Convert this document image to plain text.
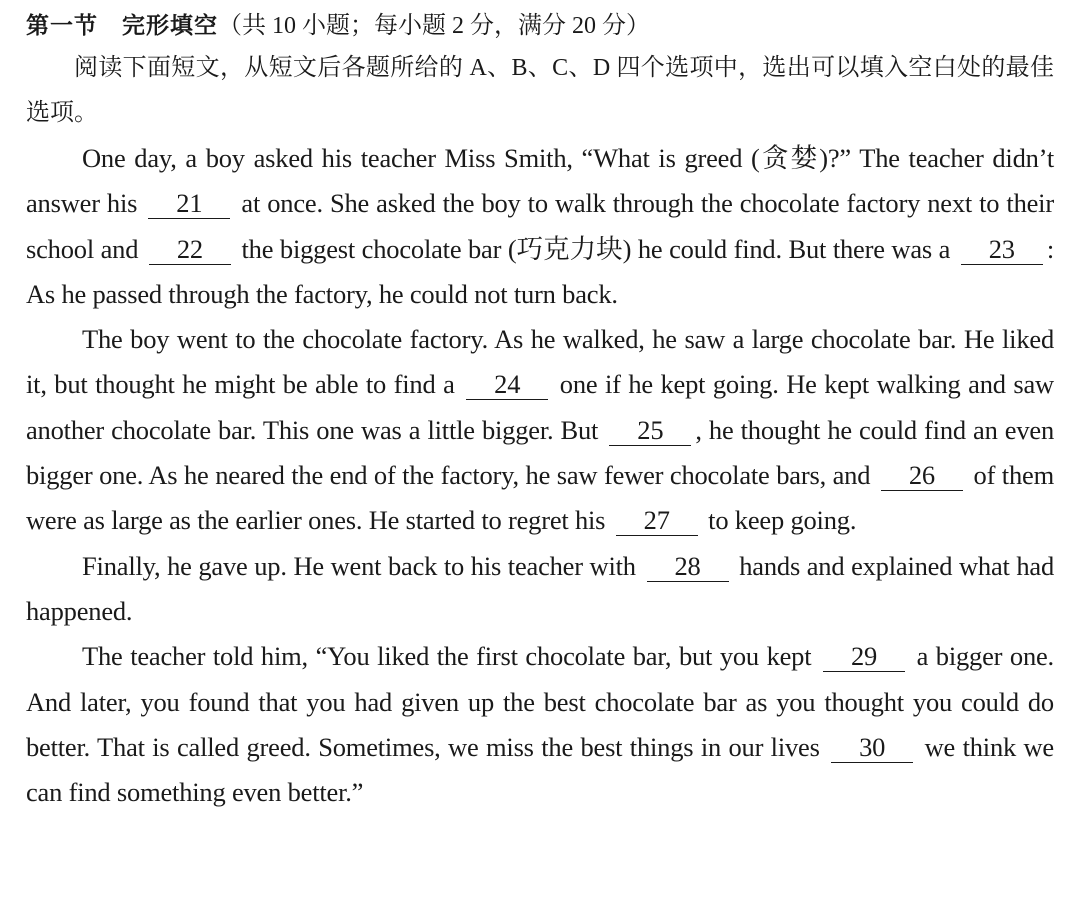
第一节　完形填空（共 10 小题；每小题 2 分，满分 20 分）

阅读下面短文，从短文后各题所给的 A、B、C、D 四个选项中，选出可以填入空白处的最佳选项。

One day, a boy asked his teacher Miss Smith, “What is greed (贪婪)?” The teacher didn’t answer his 21 at once. She asked the boy to walk through the chocolate factory next to their school and 22 the biggest chocolate bar (巧克力块) he could find. But there was a 23 : As he passed through the factory, he could not turn back.

The boy went to the chocolate factory. As he walked, he saw a large chocolate bar. He liked it, but thought he might be able to find a 24 one if he kept going. He kept walking and saw another chocolate bar. This one was a little bigger. But 25 , he thought he could find an even bigger one. As he neared the end of the factory, he saw fewer chocolate bars, and 26 of them were as large as the earlier ones. He started to regret his 27 to keep going.

Finally, he gave up. He went back to his teacher with 28 hands and explained what had happened.

The teacher told him, “You liked the first chocolate bar, but you kept 29 a bigger one. And later, you found that you had given up the best chocolate bar as you thought you could do better. That is called greed. Sometimes, we miss the best things in our lives 30 we think we can find something even better.”
